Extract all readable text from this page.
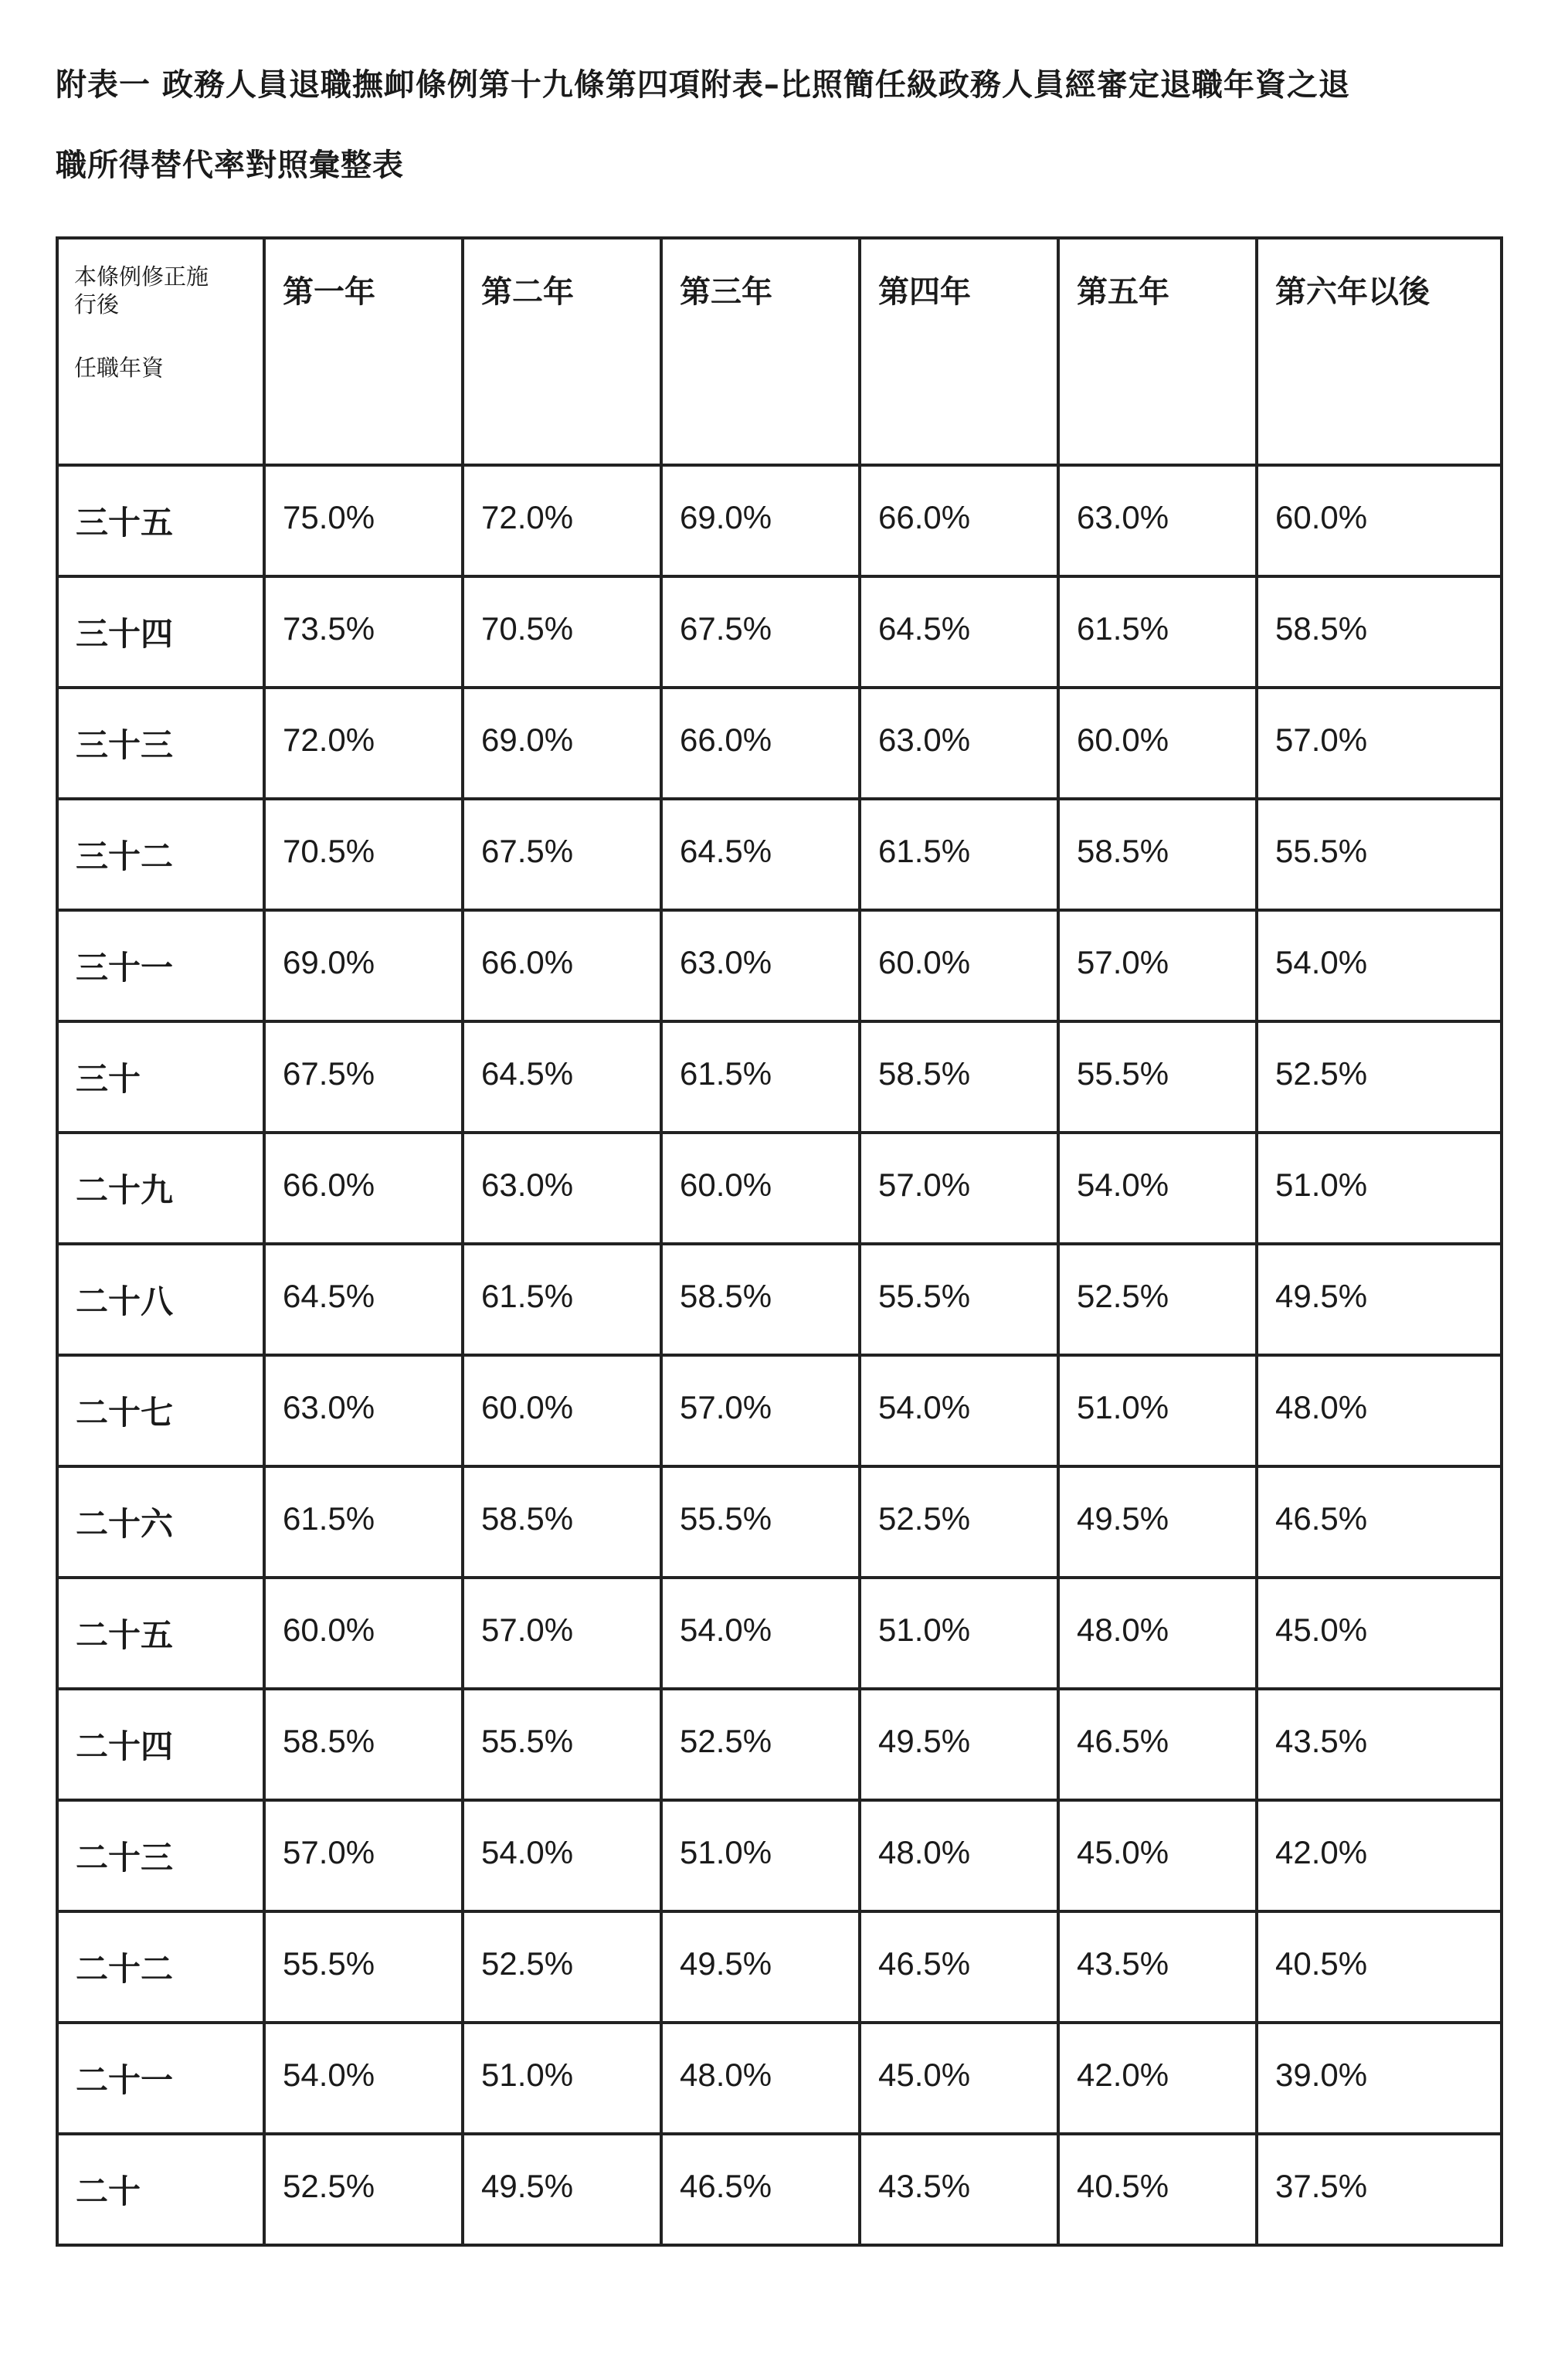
附表一 政務人員退職撫卹條例第十九條第四項附表–比照簡任級政務人員經審定退職年資之退
職所得替代率對照彙整表
本條例修正施
行後
任職年資	第一年	第二年	第三年	第四年	第五年	第六年以後

三十五	75.0%	72.0%	69.0%	66.0%	63.0%	60.0%

三十四	73.5%	70.5%	67.5%	64.5%	61.5%	58.5%

三十三	72.0%	69.0%	66.0%	63.0%	60.0%	57.0%

三十二	70.5%	67.5%	64.5%	61.5%	58.5%	55.5%

三十一	69.0%	66.0%	63.0%	60.0%	57.0%	54.0%

三十	67.5%	64.5%	61.5%	58.5%	55.5%	52.5%

二十九	66.0%	63.0%	60.0%	57.0%	54.0%	51.0%

二十八	64.5%	61.5%	58.5%	55.5%	52.5%	49.5%

二十七	63.0%	60.0%	57.0%	54.0%	51.0%	48.0%

二十六	61.5%	58.5%	55.5%	52.5%	49.5%	46.5%

二十五	60.0%	57.0%	54.0%	51.0%	48.0%	45.0%

二十四	58.5%	55.5%	52.5%	49.5%	46.5%	43.5%

二十三	57.0%	54.0%	51.0%	48.0%	45.0%	42.0%

二十二	55.5%	52.5%	49.5%	46.5%	43.5%	40.5%

二十一	54.0%	51.0%	48.0%	45.0%	42.0%	39.0%

二十	52.5%	49.5%	46.5%	43.5%	40.5%	37.5%
